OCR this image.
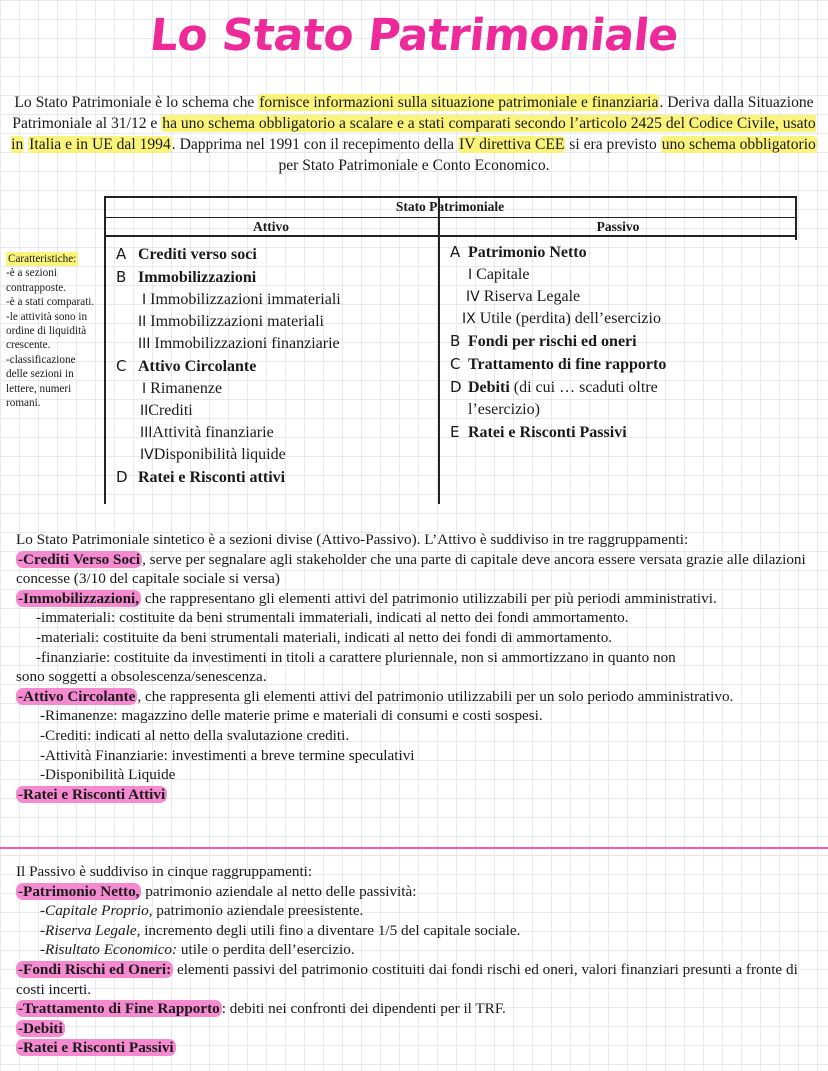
Lo Stato Patrimoniale
Lo Stato Patrimoniale è lo schema che fornisce informazioni sulla situazione patrimoniale e finanziaria. Deriva dalla Situazione Patrimoniale al 31/12 e ha uno schema obbligatorio a scalare e a stati comparati secondo l’articolo 2425 del Codice Civile, usato in Italia e in UE dal 1994. Dapprima nel 1991 con il recepimento della IV direttiva CEE si era previsto uno schema obbligatorio per Stato Patrimoniale e Conto Economico.
Caratteristiche:
-è a sezioni contrapposte.
-è a stati comparati.
-le attività sono in ordine di liquidità crescente.
-classificazione delle sezioni in lettere, numeri romani.
Stato Patrimoniale
Attivo	Passivo
A Crediti verso soci
B Immobilizzazioni
I Immobilizzazioni immateriali
II Immobilizzazioni materiali
III Immobilizzazioni finanziarie
C Attivo Circolante
I Rimanenze
IICrediti
IIIAttività finanziarie
IVDisponibilità liquide
D Ratei e Risconti attivi
A Patrimonio Netto
I Capitale
IV Riserva Legale
IX Utile (perdita) dell’esercizio
B Fondi per rischi ed oneri
C Trattamento di fine rapporto
D Debiti (di cui … scaduti oltre
l’esercizio)
E Ratei e Risconti Passivi
Lo Stato Patrimoniale sintetico è a sezioni divise (Attivo-Passivo). L’Attivo è suddiviso in tre raggruppamenti:
-Crediti Verso Soci , serve per segnalare agli stakeholder che una parte di capitale deve ancora essere versata grazie alle dilazioni concesse (3/10 del capitale sociale si versa)
-Immobilizzazioni, che rappresentano gli elementi attivi del patrimonio utilizzabili per più periodi amministrativi.
-immateriali: costituite da beni strumentali immateriali, indicati al netto dei fondi ammortamento.
-materiali: costituite da beni strumentali materiali, indicati al netto dei fondi di ammortamento.
-finanziarie: costituite da investimenti in titoli a carattere pluriennale, non si ammortizzano in quanto non
sono soggetti a obsolescenza/senescenza.
-Attivo Circolante , che rappresenta gli elementi attivi del patrimonio utilizzabili per un solo periodo amministrativo.
-Rimanenze: magazzino delle materie prime e materiali di consumi e costi sospesi.
-Crediti: indicati al netto della svalutazione crediti.
-Attività Finanziarie: investimenti a breve termine speculativi
-Disponibilità Liquide
-Ratei e Risconti Attivi
Il Passivo è suddiviso in cinque raggruppamenti:
-Patrimonio Netto, patrimonio aziendale al netto delle passività:
-Capitale Proprio, patrimonio aziendale preesistente.
-Riserva Legale, incremento degli utili fino a diventare 1/5 del capitale sociale.
-Risultato Economico: utile o perdita dell’esercizio.
-Fondi Rischi ed Oneri: elementi passivi del patrimonio costituiti dai fondi rischi ed oneri, valori finanziari presunti a fronte di costi incerti.
-Trattamento di Fine Rapporto : debiti nei confronti dei dipendenti per il TRF.
-Debiti
-Ratei e Risconti Passivi
